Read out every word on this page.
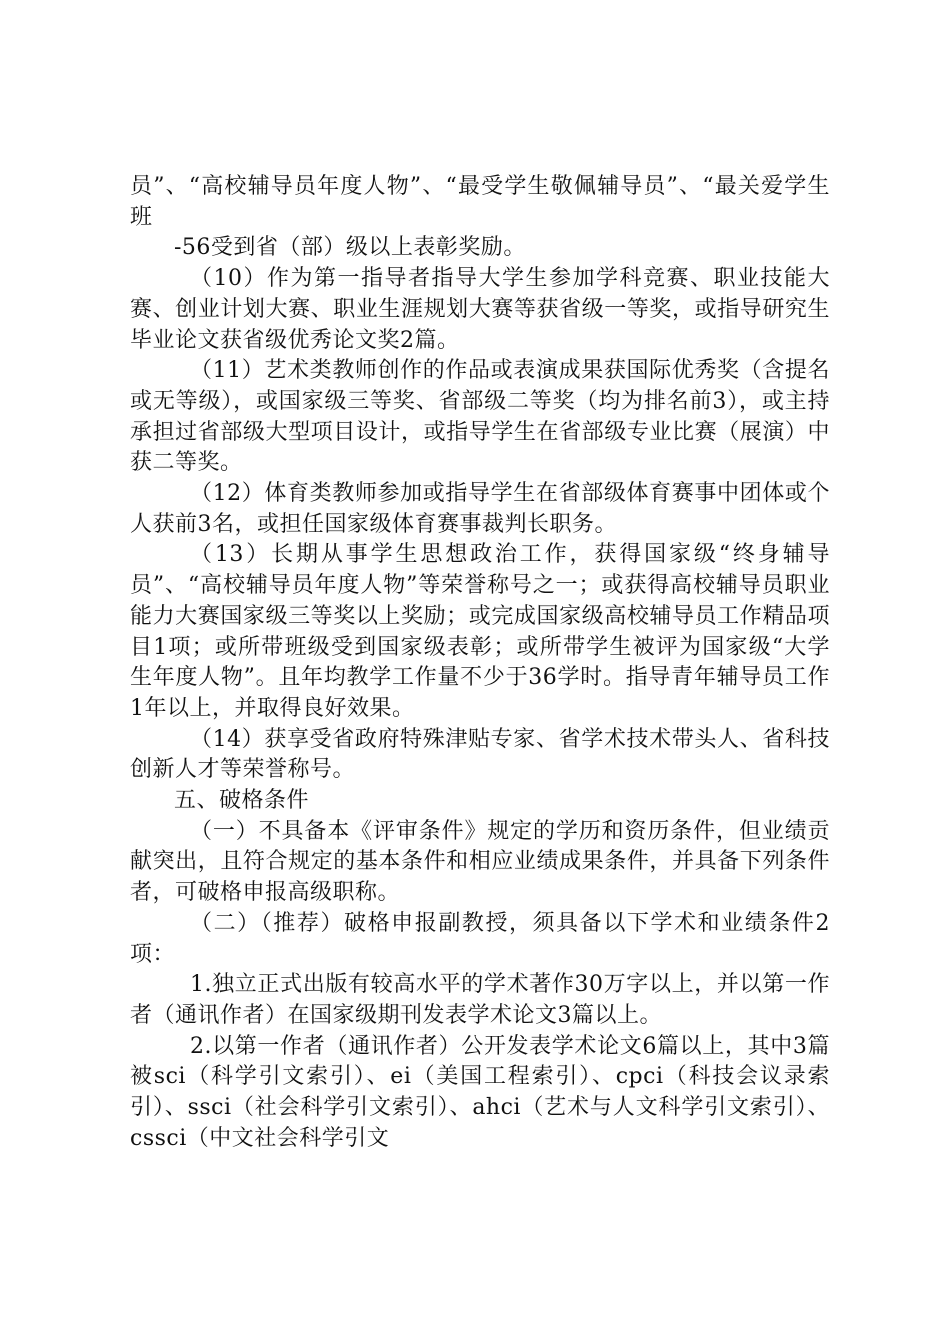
员”、“高校辅导员年度人物”、“最受学生敬佩辅导员”、“最关爱学生班

-56受到省（部）级以上表彰奖励。

（10）作为第一指导者指导大学生参加学科竞赛、职业技能大赛、创业计划大赛、职业生涯规划大赛等获省级一等奖，或指导研究生毕业论文获省级优秀论文奖2篇。

（11）艺术类教师创作的作品或表演成果获国际优秀奖（含提名或无等级），或国家级三等奖、省部级二等奖（均为排名前3），或主持承担过省部级大型项目设计，或指导学生在省部级专业比赛（展演）中获二等奖。

（12）体育类教师参加或指导学生在省部级体育赛事中团体或个人获前3名，或担任国家级体育赛事裁判长职务。

（13）长期从事学生思想政治工作，获得国家级“终身辅导员”、“高校辅导员年度人物”等荣誉称号之一；或获得高校辅导员职业能力大赛国家级三等奖以上奖励；或完成国家级高校辅导员工作精品项目1项；或所带班级受到国家级表彰；或所带学生被评为国家级“大学生年度人物”。且年均教学工作量不少于36学时。指导青年辅导员工作1年以上，并取得良好效果。

（14）获享受省政府特殊津贴专家、省学术技术带头人、省科技创新人才等荣誉称号。

五、破格条件

（一）不具备本《评审条件》规定的学历和资历条件，但业绩贡献突出，且符合规定的基本条件和相应业绩成果条件，并具备下列条件者，可破格申报高级职称。

（二）（推荐）破格申报副教授，须具备以下学术和业绩条件2项：

1.独立正式出版有较高水平的学术著作30万字以上，并以第一作者（通讯作者）在国家级期刊发表学术论文3篇以上。

2.以第一作者（通讯作者）公开发表学术论文6篇以上，其中3篇被sci（科学引文索引）、ei（美国工程索引）、cpci（科技会议录索引）、ssci（社会科学引文索引）、ahci（艺术与人文科学引文索引）、cssci（中文社会科学引文
